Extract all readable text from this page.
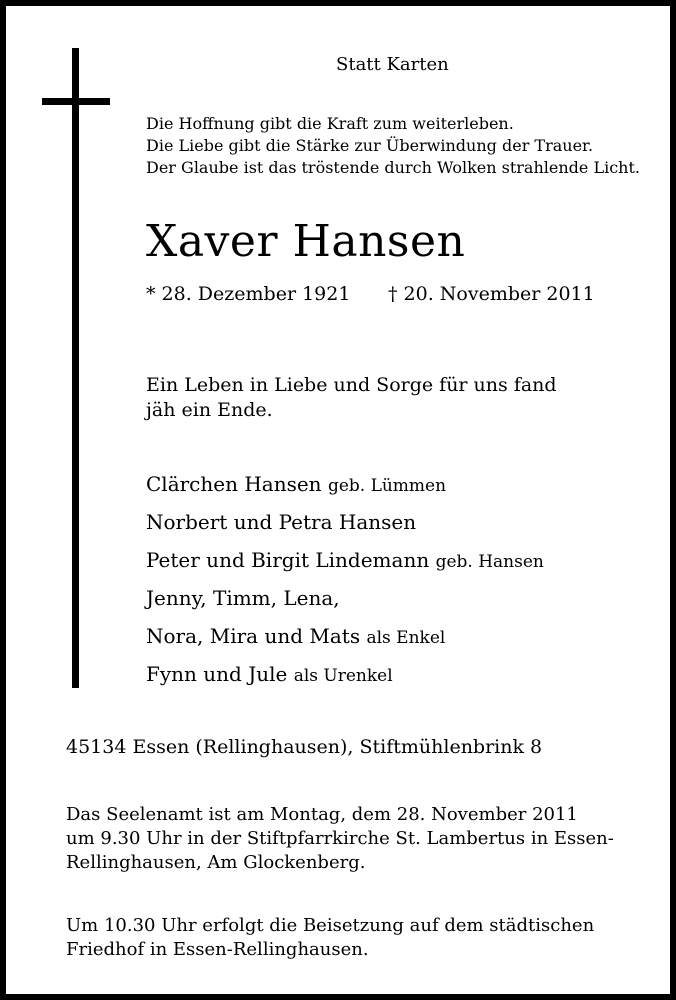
Statt Karten
Die Hoffnung gibt die Kraft zum weiterleben.
Die Liebe gibt die Stärke zur Überwindung der Trauer.
Der Glaube ist das tröstende durch Wolken strahlende Licht.
Xaver Hansen
* 28. Dezember 1921 † 20. November 2011
Ein Leben in Liebe und Sorge für uns fand jäh ein Ende.
Clärchen Hansen geb. Lümmen
Norbert und Petra Hansen
Peter und Birgit Lindemann geb. Hansen
Jenny, Timm, Lena,
Nora, Mira und Mats als Enkel
Fynn und Jule als Urenkel
45134 Essen (Rellinghausen), Stiftmühlenbrink 8
Das Seelenamt ist am Montag, dem 28. November 2011
um 9.30 Uhr in der Stiftpfarrkirche St. Lambertus in Essen-
Rellinghausen, Am Glockenberg.
Um 10.30 Uhr erfolgt die Beisetzung auf dem städtischen
Friedhof in Essen-Rellinghausen.
